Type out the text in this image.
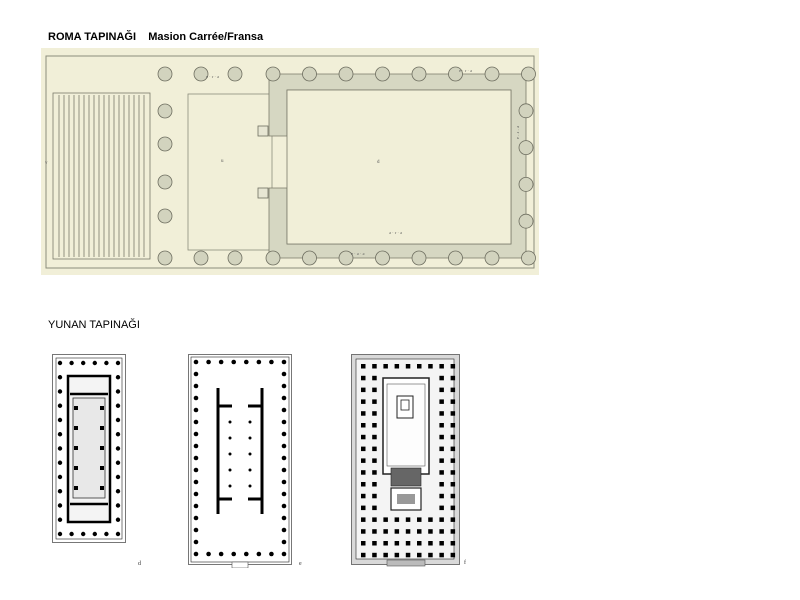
ROMA TAPINAĞI    Masion Carrée/Fransa
v	u	d
e · r · ǝ
e · r · ǝ
e · ǝ · ǝ
ǝ · r · ǝ
e · r · ǝ
YUNAN TAPINAĞI
d	e	f
